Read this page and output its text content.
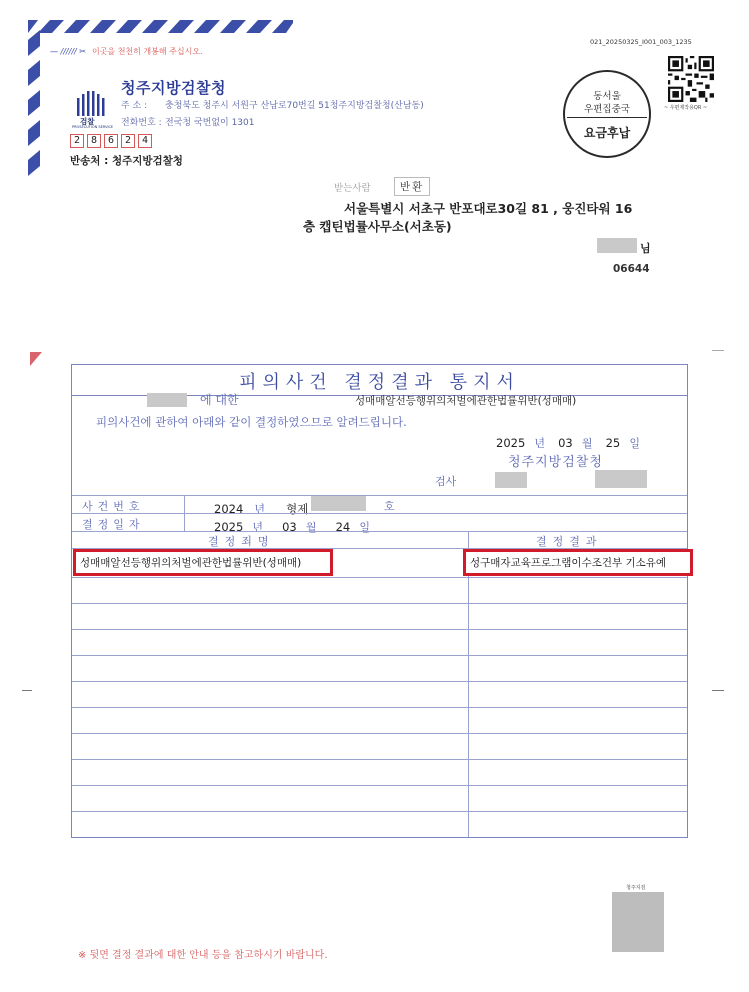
— ////// ✂ 이곳을 천천히 개봉해 주십시오.
021_20250325_I001_003_1235
~ 우편제작용QR ~
검찰
PROSECUTION SERVICE
청주지방검찰청
주 소 : 충청북도 청주시 서원구 산남로70번길 51청주지방검찰청(산남동)
전화번호 : 전국청 국번없이 1301
2	8	6	2	4
반송처 : 청주지방검찰청
동서울
우편집중국
요금후납
받는사람	반환
서울특별시 서초구 반포대로30길 81 , 웅진타워 16
층 캡틴법률사무소(서초동)
님
06644
피의사건 결정결과 통지서
에 대한	성매매알선등행위의처벌에관한법률위반(성매매)
피의사건에 관하여 아래와 같이 결정하였으므로 알려드립니다.
2025 년 03 월 25 일
청주지방검찰청
검사
사건번호	2024 년 형제	호
결정일자	2025 년 03 월 24 일
결정죄명	결정결과
성매매알선등행위의처벌에관한법률위반(성매매)	성구매자교육프로그램이수조건부 기소유예
청주지검
※ 뒷면 결정 결과에 대한 안내 등을 참고하시기 바랍니다.
